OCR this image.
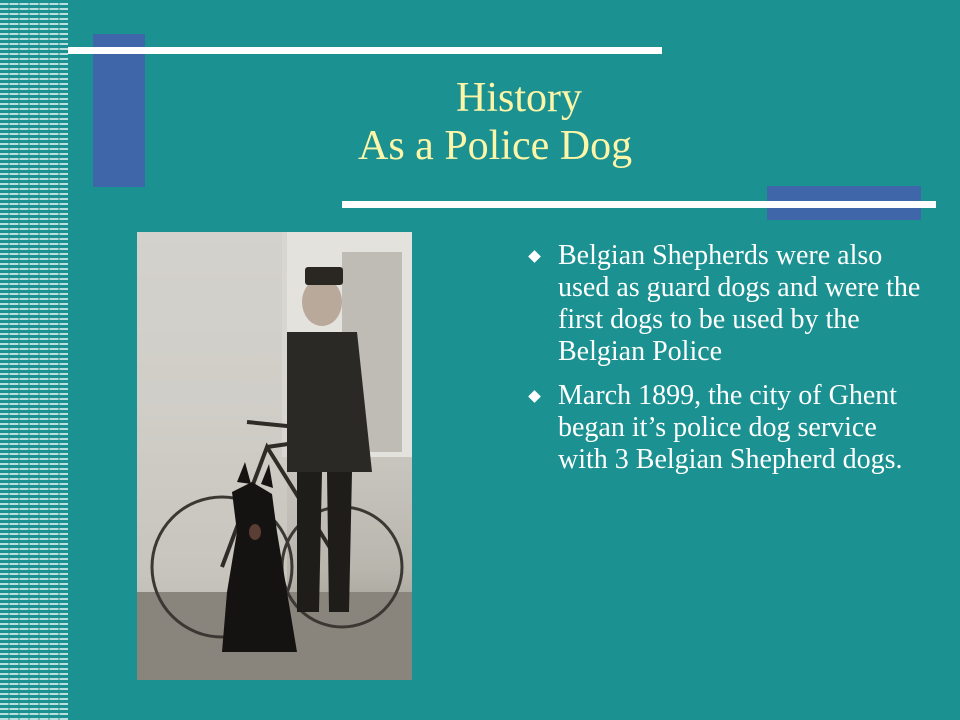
History
As a Police Dog
Belgian Shepherds were also used as guard dogs and were the first dogs to be used by the Belgian Police
March 1899, the city of Ghent began it’s police dog service with 3 Belgian Shepherd dogs.
